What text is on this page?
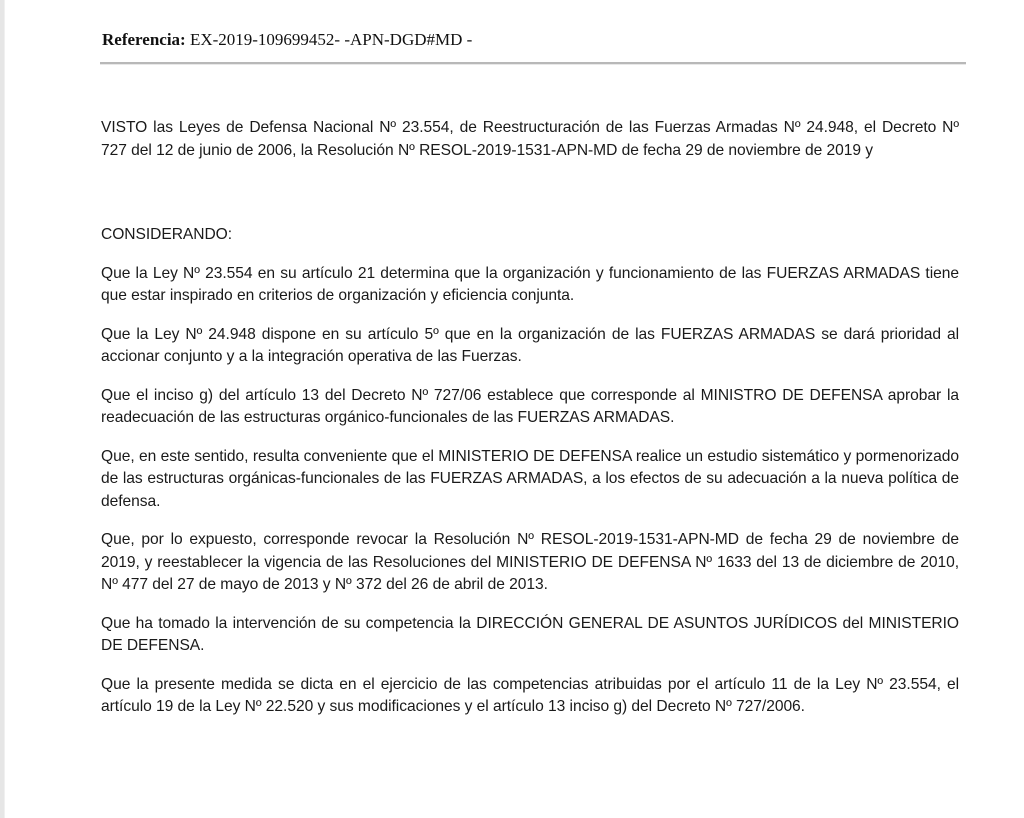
Referencia: EX-2019-109699452- -APN-DGD#MD -

VISTO las Leyes de Defensa Nacional Nº 23.554, de Reestructuración de las Fuerzas Armadas Nº 24.948, el Decreto Nº 727 del 12 de junio de 2006, la Resolución Nº RESOL-2019-1531-APN-MD de fecha 29 de noviembre de 2019 y

CONSIDERANDO:

Que la Ley Nº 23.554 en su artículo 21 determina que la organización y funcionamiento de las FUERZAS ARMADAS tiene que estar inspirado en criterios de organización y eficiencia conjunta.

Que la Ley Nº 24.948 dispone en su artículo 5º que en la organización de las FUERZAS ARMADAS se dará prioridad al accionar conjunto y a la integración operativa de las Fuerzas.

Que el inciso g) del artículo 13 del Decreto Nº 727/06 establece que corresponde al MINISTRO DE DEFENSA aprobar la readecuación de las estructuras orgánico-funcionales de las FUERZAS ARMADAS.

Que, en este sentido, resulta conveniente que el MINISTERIO DE DEFENSA realice un estudio sistemático y pormenorizado de las estructuras orgánicas-funcionales de las FUERZAS ARMADAS, a los efectos de su adecuación a la nueva política de defensa.

Que, por lo expuesto, corresponde revocar la Resolución Nº RESOL-2019-1531-APN-MD de fecha 29 de noviembre de 2019, y reestablecer la vigencia de las Resoluciones del MINISTERIO DE DEFENSA Nº 1633 del 13 de diciembre de 2010, Nº 477 del 27 de mayo de 2013 y Nº 372 del 26 de abril de 2013.

Que ha tomado la intervención de su competencia la DIRECCIÓN GENERAL DE ASUNTOS JURÍDICOS del MINISTERIO DE DEFENSA.

Que la presente medida se dicta en el ejercicio de las competencias atribuidas por el artículo 11 de la Ley Nº 23.554, el artículo 19 de la Ley Nº 22.520 y sus modificaciones y el artículo 13 inciso g) del Decreto Nº 727/2006.
